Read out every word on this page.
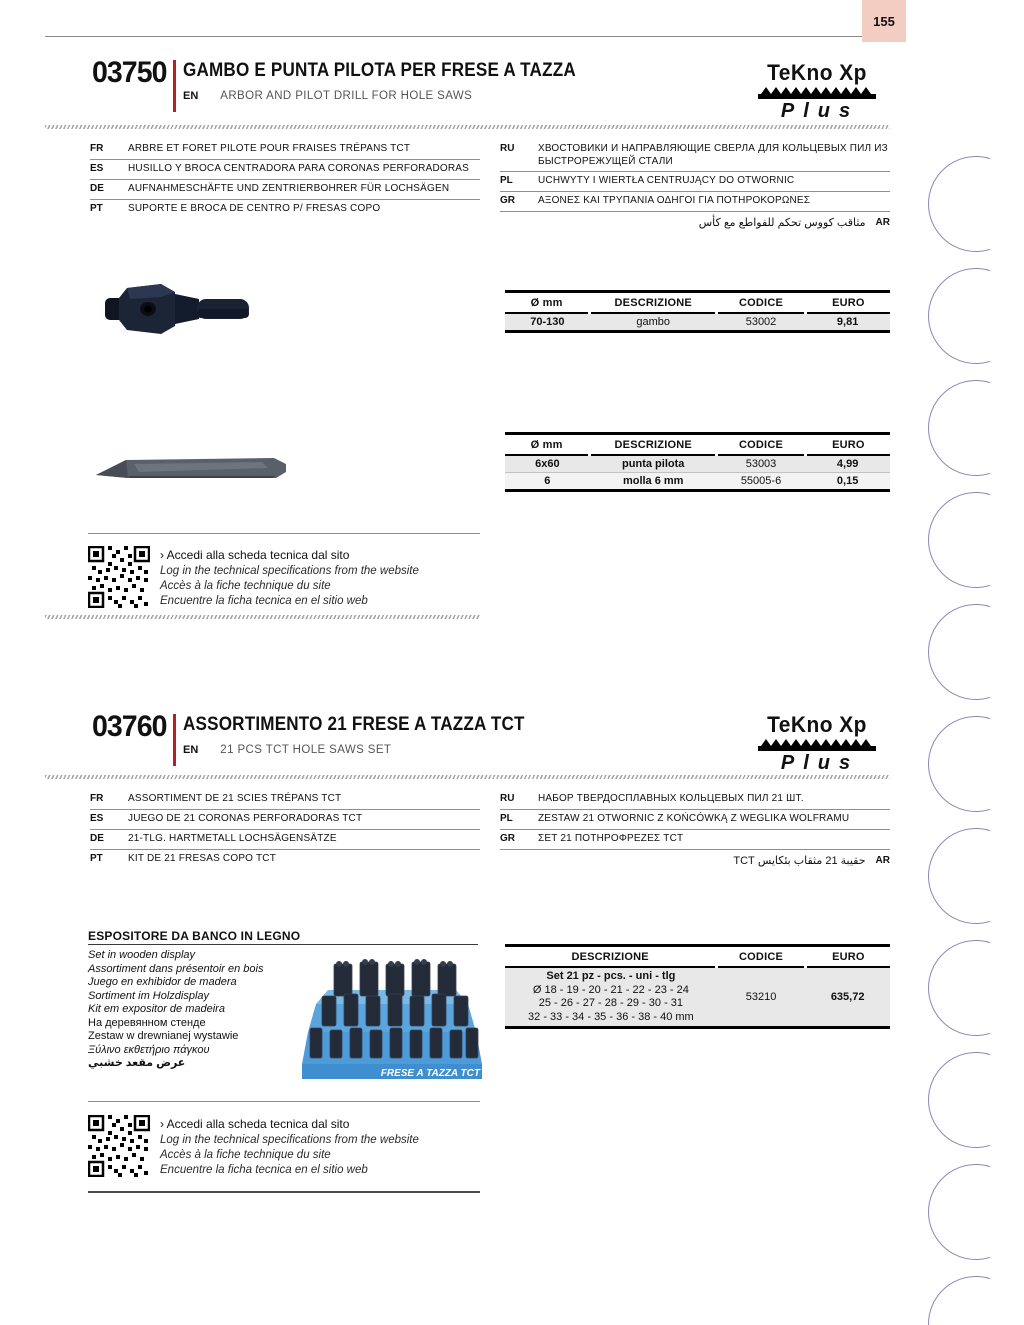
155
03750 GAMBO E PUNTA PILOTA PER FRESE A TAZZA
EN ARBOR AND PILOT DRILL FOR HOLE SAWS
TeKno Xp
Plus
FR	ARBRE ET FORET PILOTE POUR FRAISES TRÉPANS TCT
ES	HUSILLO Y BROCA CENTRADORA PARA CORONAS PERFORADORAS
DE	AUFNAHMESCHÄFTE UND ZENTRIERBOHRER FÜR LOCHSÄGEN
PT	SUPORTE E BROCA DE CENTRO P/ FRESAS COPO
RU	ХВОСТОВИКИ И НАПРАВЛЯЮЩИЕ СВЕРЛА ДЛЯ КОЛЬЦЕВЫХ ПИЛ ИЗ БЫСТРОРЕЖУЩЕЙ СТАЛИ
PL	UCHWYTY I WIERTŁA CENTRUJĄCY DO OTWORNIC
GR	ΑΞΟΝΕΣ ΚΑΙ ΤΡΥΠΑΝΙΑ ΟΔΗΓΟΙ ΓΙΑ ΠΟΤΗΡΟΚΟΡΩΝΕΣ
مثاقب كووس تحكم للفواطع مع كأس AR
Ø mm	DESCRIZIONE	CODICE	EURO
70-130	gambo	53002	9,81
Ø mm	DESCRIZIONE	CODICE	EURO
6x60	punta pilota	53003	4,99
6	molla 6 mm	55005-6	0,15
› Accedi alla scheda tecnica dal sito
Log in the technical specifications from the website
Accès à la fiche technique du site
Encuentre la ficha tecnica en el sitio web
03760 ASSORTIMENTO 21 FRESE A TAZZA TCT
EN 21 PCS TCT HOLE SAWS SET
TeKno Xp
Plus
FR	ASSORTIMENT DE 21 SCIES TRÉPANS TCT
ES	JUEGO DE 21 CORONAS PERFORADORAS TCT
DE	21-TLG. HARTMETALL LOCHSÄGENSÄTZE
PT	KIT DE 21 FRESAS COPO TCT
RU	НАБОР ТВЕРДОСПЛАВНЫХ КОЛЬЦЕВЫХ ПИЛ 21 ШТ.
PL	ZESTAW 21 OTWORNIC Z KOŃCÓWKĄ Z WEGLIKA WOLFRAMU
GR	ΣΕΤ 21 ΠΟΤΗΡΟΦΡΕΖΕΣ TCT
حقيبة 21 مثقاب بئكايس TCT AR
ESPOSITORE DA BANCO IN LEGNO
Set in wooden display
Assortiment dans présentoir en bois
Juego en exhibidor de madera
Sortiment im Holzdisplay
Kit em expositor de madeira
На деревянном стенде
Zestaw w drewnianej wystawie
Ξύλινο εκθετήριο πάγκου
عرض مقعد خشبي
FRESE A TAZZA TCT
DESCRIZIONE	CODICE	EURO

Set 21 pz - pcs. - uni - tlg
Ø 18 - 19 - 20 - 21 - 22 - 23 - 24
25 - 26 - 27 - 28 - 29 - 30 - 31
32 - 33 - 34 - 35 - 36 - 38 - 40 mm	53210	635,72
› Accedi alla scheda tecnica dal sito
Log in the technical specifications from the website
Accès à la fiche technique du site
Encuentre la ficha tecnica en el sitio web
